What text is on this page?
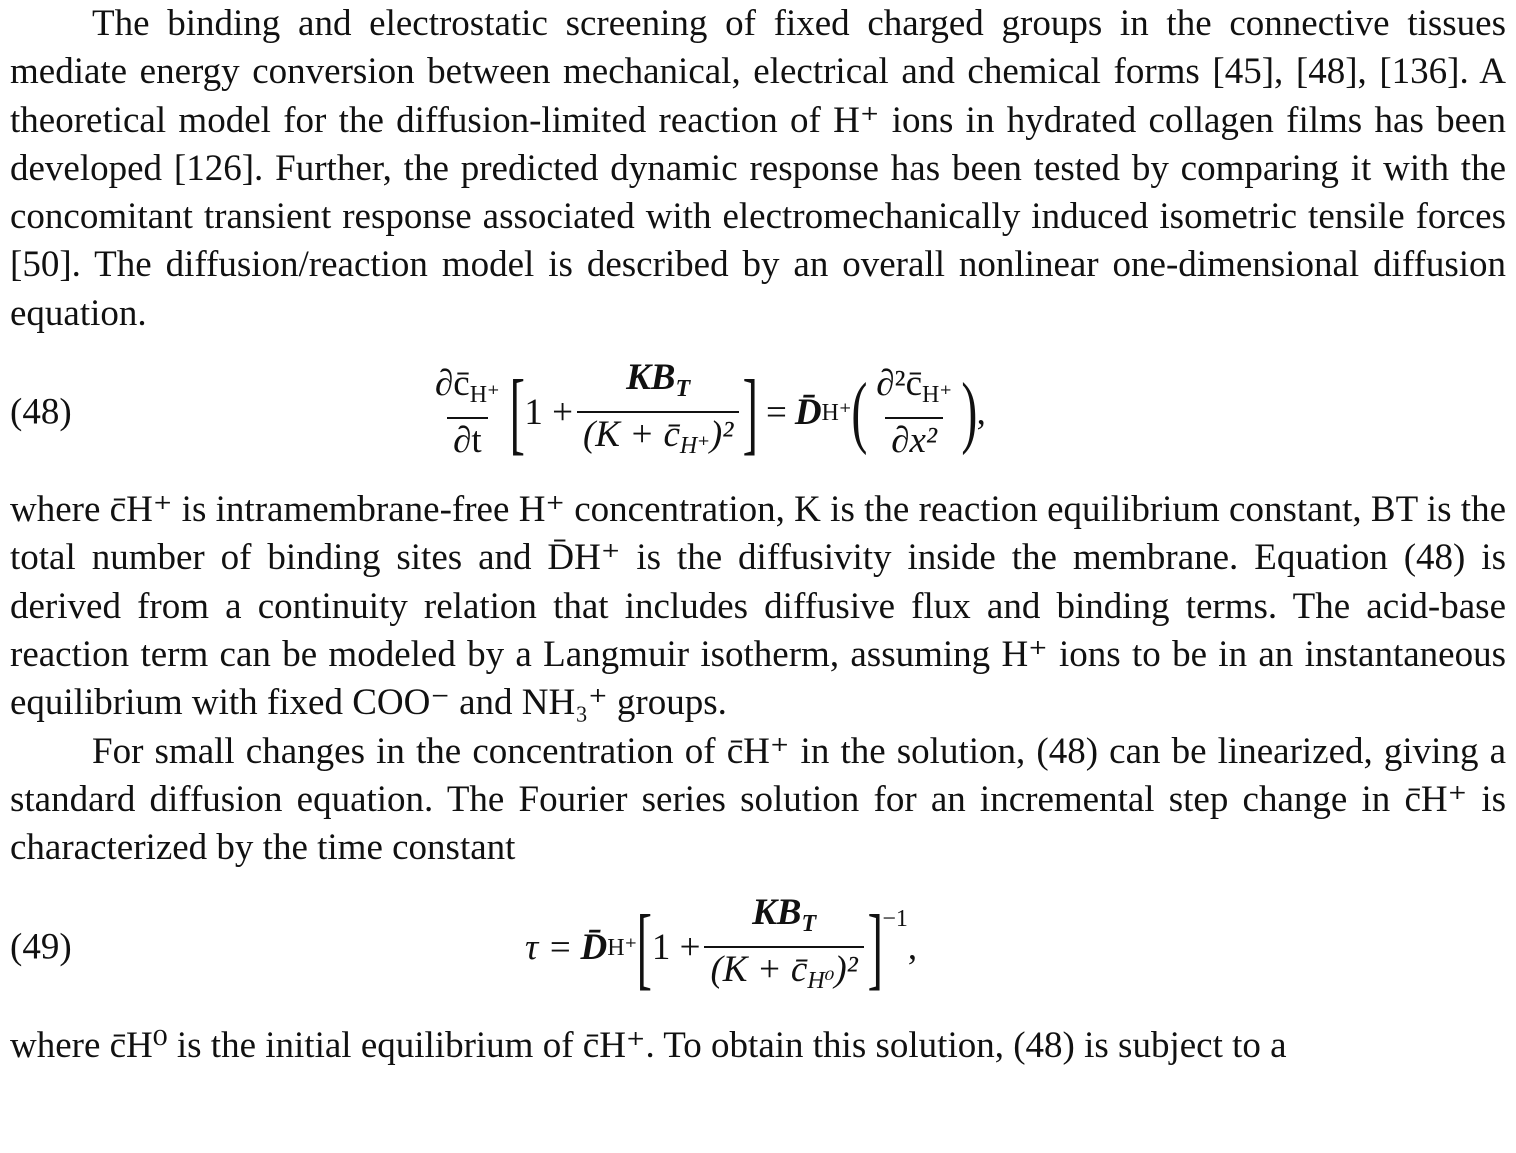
The binding and electrostatic screening of fixed charged groups in the connective tissues mediate energy conversion between mechanical, electrical and chemical forms [45], [48], [136]. A theoretical model for the diffusion-limited reaction of H⁺ ions in hydrated collagen films has been developed [126]. Further, the predicted dynamic response has been tested by comparing it with the concomitant transient response associated with electromechanically induced isometric tensile forces [50]. The diffusion/reaction model is described by an overall nonlinear one-dimensional diffusion equation.

(48)	$\frac{\partial c̄_{H^+}}{\partial t}$ [ $1 + \frac{KB_T}{(K + c̄_{H^+})^2}$ ] = D̄ H⁺ ( $\frac{\partial^2c̄_{H^+}}{\text{∂x²}}$ ) ,

where c̄H⁺ is intramembrane-free H⁺ concentration, K is the reaction equilibrium constant, BT is the total number of binding sites and D̄H⁺ is the diffusivity inside the membrane. Equation (48) is derived from a continuity relation that includes diffusive flux and binding terms. The acid-base reaction term can be modeled by a Langmuir isotherm, assuming H⁺ ions to be in an instantaneous equilibrium with fixed COO⁻ and NH₃⁺ groups.

For small changes in the concentration of c̄H⁺ in the solution, (48) can be linearized, giving a standard diffusion equation. The Fourier series solution for an incremental step change in c̄H⁺ is characterized by the time constant

(49)	τ = D̄ H⁺ [ $1 + \frac{KB_T}{(K + c̄_{H^0})^2}$ ] −1
,

where c̄H⁰ is the initial equilibrium of c̄H⁺. To obtain this solution, (48) is subject to a
